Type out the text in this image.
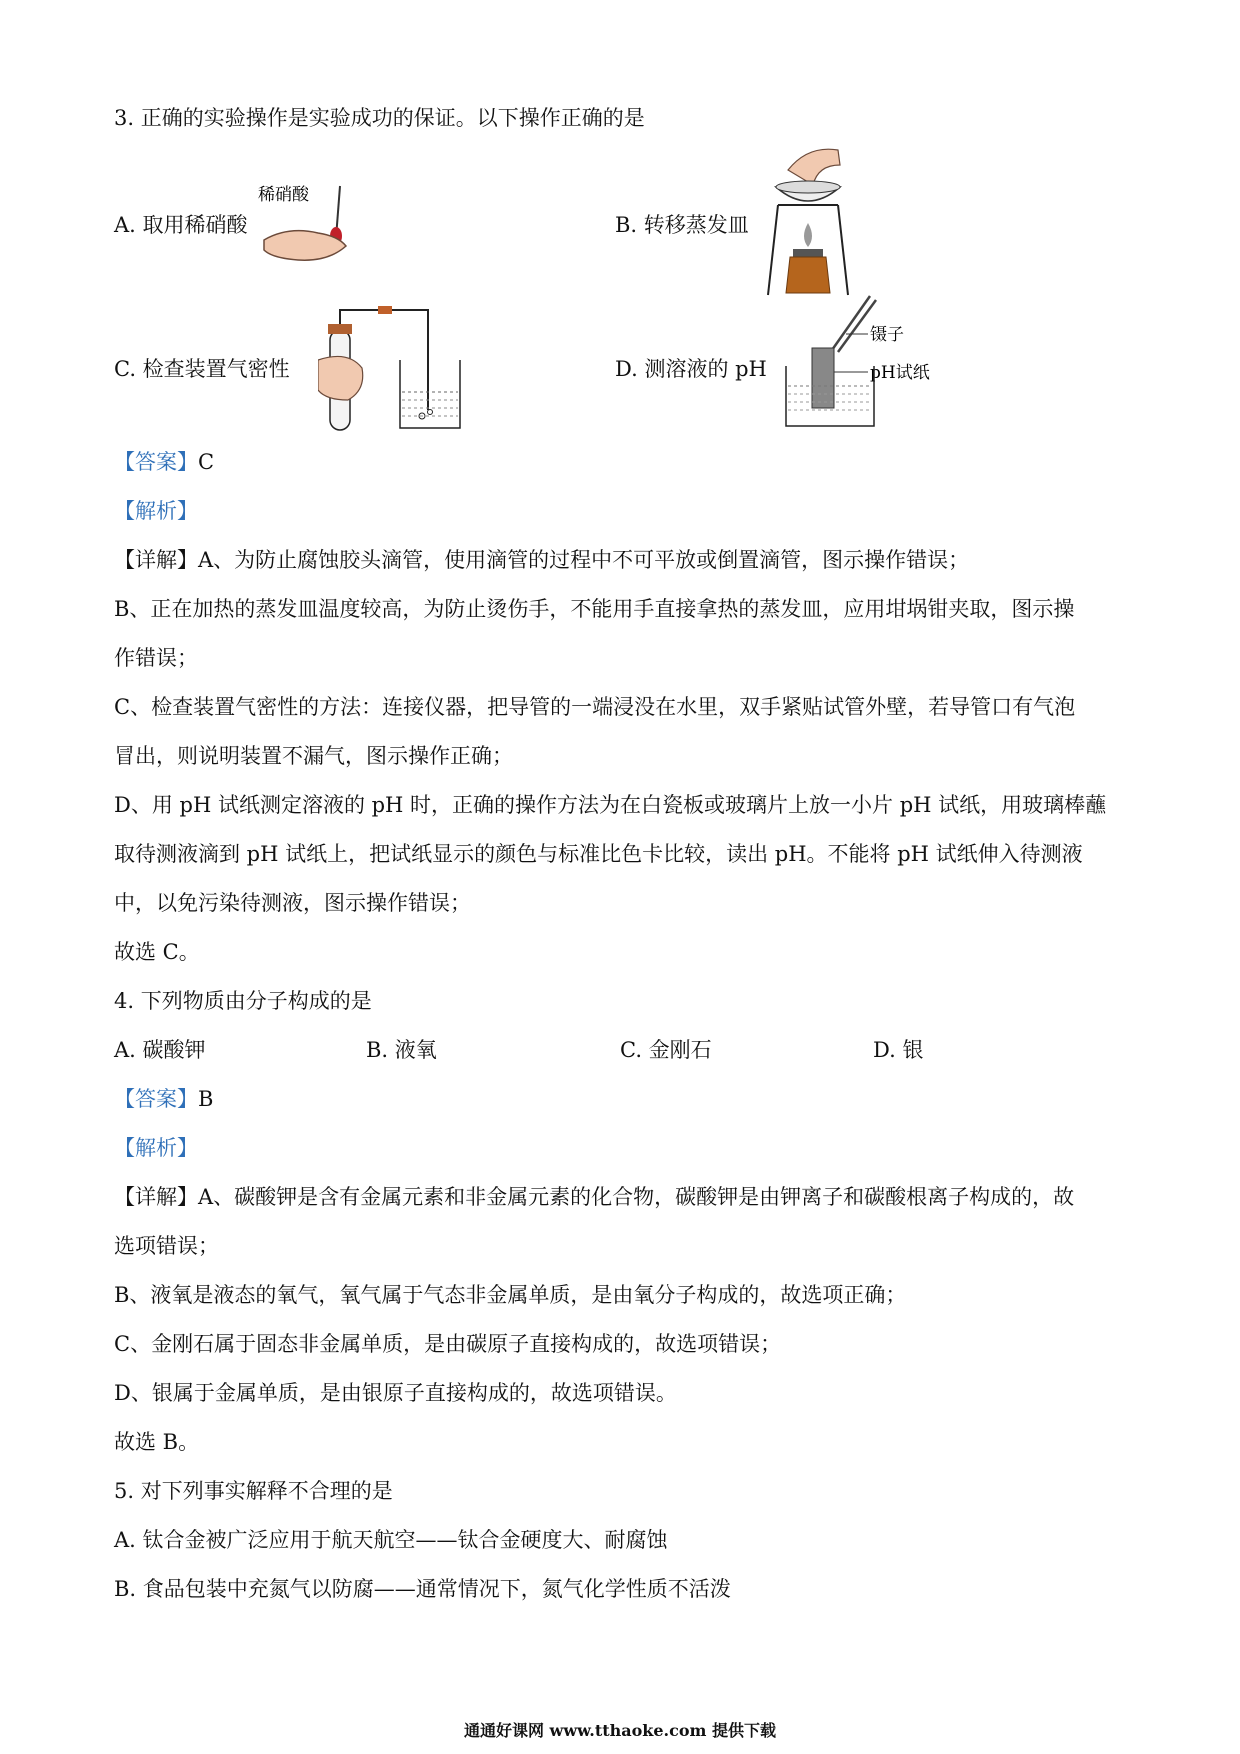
3. 正确的实验操作是实验成功的保证。以下操作正确的是
A. 取用稀硝酸
稀硝酸
B. 转移蒸发皿
C. 检查装置气密性	D. 测溶液的 pH
镊子
pH试纸
【答案】C
【解析】
【详解】A、为防止腐蚀胶头滴管，使用滴管的过程中不可平放或倒置滴管，图示操作错误；
B、正在加热的蒸发皿温度较高，为防止烫伤手，不能用手直接拿热的蒸发皿，应用坩埚钳夹取，图示操
作错误；
C、检查装置气密性的方法：连接仪器，把导管的一端浸没在水里，双手紧贴试管外壁，若导管口有气泡
冒出，则说明装置不漏气，图示操作正确；
D、用 pH 试纸测定溶液的 pH 时，正确的操作方法为在白瓷板或玻璃片上放一小片 pH 试纸，用玻璃棒蘸
取待测液滴到 pH 试纸上，把试纸显示的颜色与标准比色卡比较，读出 pH。不能将 pH 试纸伸入待测液
中，以免污染待测液，图示操作错误；
故选 C。
4. 下列物质由分子构成的是
A. 碳酸钾	B. 液氧	C. 金刚石	D. 银
【答案】B
【解析】
【详解】A、碳酸钾是含有金属元素和非金属元素的化合物，碳酸钾是由钾离子和碳酸根离子构成的，故
选项错误；
B、液氧是液态的氧气，氧气属于气态非金属单质，是由氧分子构成的，故选项正确；
C、金刚石属于固态非金属单质，是由碳原子直接构成的，故选项错误；
D、银属于金属单质，是由银原子直接构成的，故选项错误。
故选 B。
5. 对下列事实解释不合理的是
A. 钛合金被广泛应用于航天航空——钛合金硬度大、耐腐蚀
B. 食品包装中充氮气以防腐——通常情况下，氮气化学性质不活泼
通通好课网 www.tthaoke.com 提供下载
